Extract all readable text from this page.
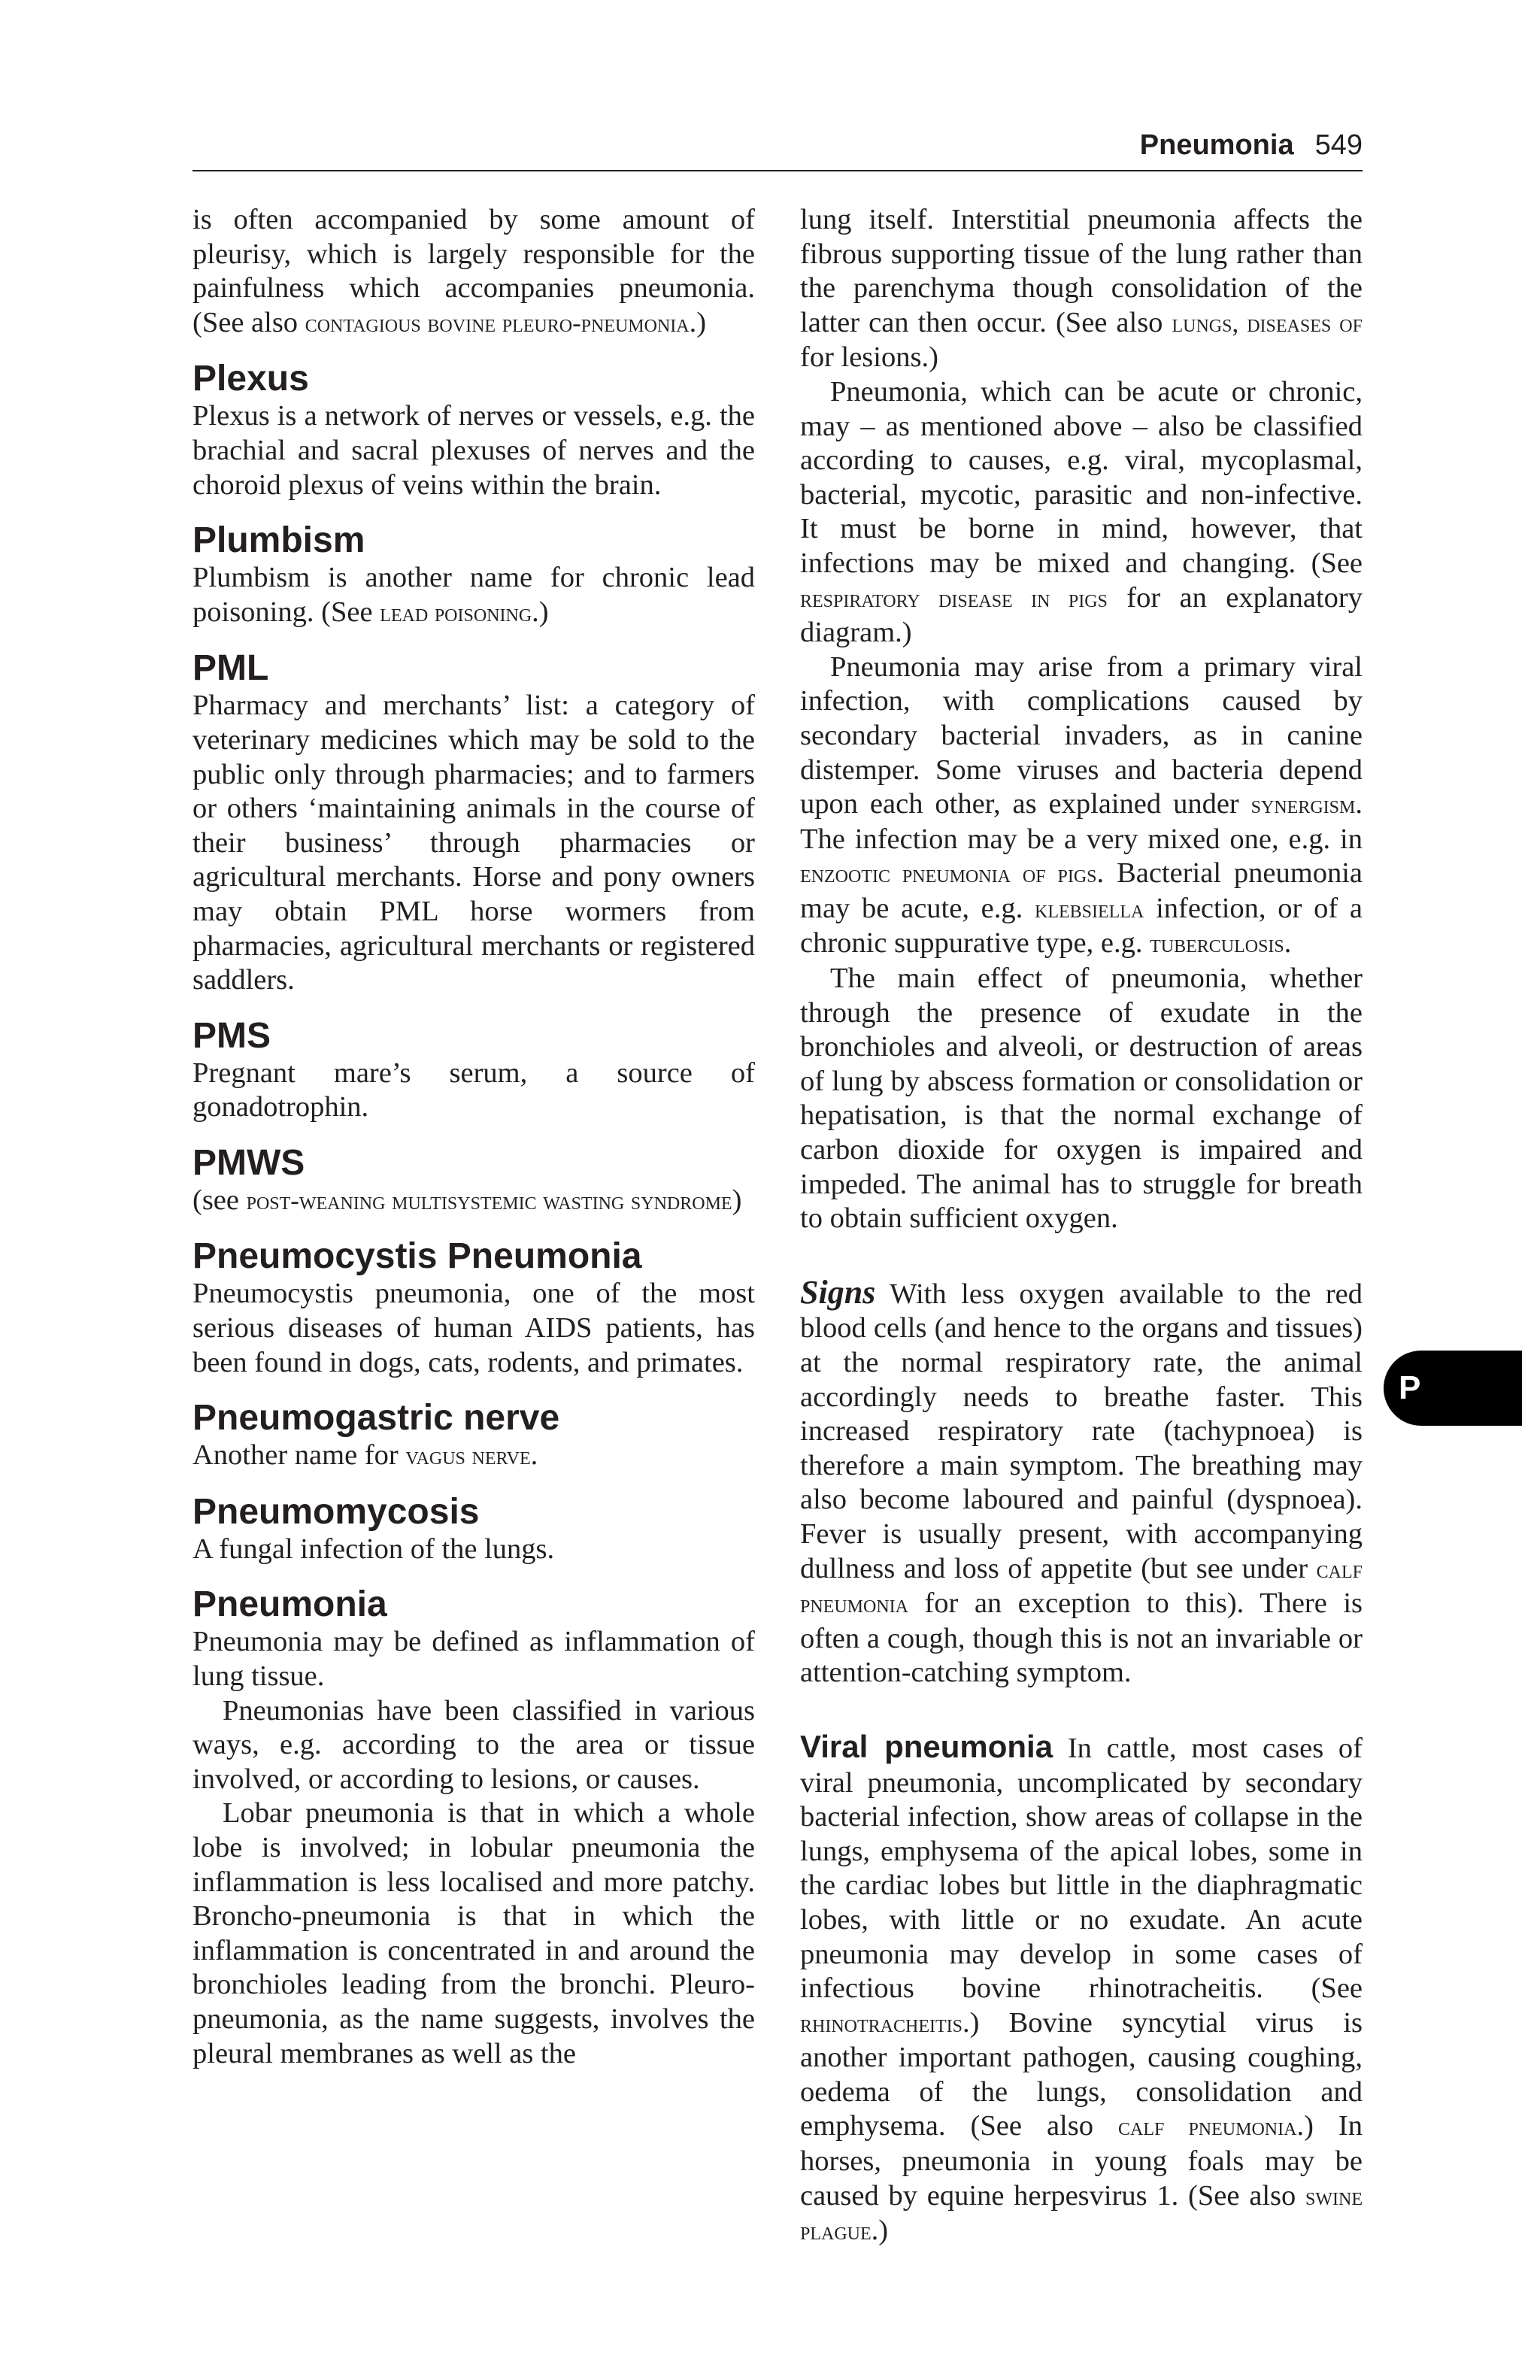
Pneumonia 549
P

is often accompanied by some amount of pleurisy, which is largely responsible for the painfulness which accompanies pneumonia. (See also contagious bovine pleuro-pneumonia.)

Plexus

Plexus is a network of nerves or vessels, e.g. the brachial and sacral plexuses of nerves and the choroid plexus of veins within the brain.

Plumbism

Plumbism is another name for chronic lead poisoning. (See lead poisoning.)

PML

Pharmacy and merchants’ list: a category of veterinary medicines which may be sold to the public only through pharmacies; and to farmers or others ‘maintaining animals in the course of their business’ through pharmacies or agricultural merchants. Horse and pony owners may obtain PML horse wormers from pharmacies, agricultural merchants or registered saddlers.

PMS

Pregnant mare’s serum, a source of gonadotrophin.

PMWS

(see post-weaning multisystemic wasting syndrome)

Pneumocystis Pneumonia

Pneumocystis pneumonia, one of the most serious diseases of human AIDS patients, has been found in dogs, cats, rodents, and primates.

Pneumogastric nerve

Another name for vagus nerve.

Pneumomycosis

A fungal infection of the lungs.

Pneumonia

Pneumonia may be defined as inflammation of lung tissue.

Pneumonias have been classified in various ways, e.g. according to the area or tissue involved, or according to lesions, or causes.

Lobar pneumonia is that in which a whole lobe is involved; in lobular pneumonia the inflammation is less localised and more patchy. Broncho-pneumonia is that in which the inflammation is concentrated in and around the bronchioles leading from the bronchi. Pleuro-pneumonia, as the name suggests, involves the pleural membranes as well as the

lung itself. Interstitial pneumonia affects the fibrous supporting tissue of the lung rather than the parenchyma though consolidation of the latter can then occur. (See also lungs, diseases of for lesions.)

Pneumonia, which can be acute or chronic, may – as mentioned above – also be classified according to causes, e.g. viral, mycoplasmal, bacterial, mycotic, parasitic and non-infective. It must be borne in mind, however, that infections may be mixed and changing. (See respiratory disease in pigs for an explanatory diagram.)

Pneumonia may arise from a primary viral infection, with complications caused by secondary bacterial invaders, as in canine distemper. Some viruses and bacteria depend upon each other, as explained under synergism. The infection may be a very mixed one, e.g. in enzootic pneumonia of pigs. Bacterial pneumonia may be acute, e.g. klebsiella infection, or of a chronic suppurative type, e.g. tuberculosis.

The main effect of pneumonia, whether through the presence of exudate in the bronchioles and alveoli, or destruction of areas of lung by abscess formation or consolidation or hepatisation, is that the normal exchange of carbon dioxide for oxygen is impaired and impeded. The animal has to struggle for breath to obtain sufficient oxygen.

Signs With less oxygen available to the red blood cells (and hence to the organs and tissues) at the normal respiratory rate, the animal accordingly needs to breathe faster. This increased respiratory rate (tachypnoea) is therefore a main symptom. The breathing may also become laboured and painful (dyspnoea). Fever is usually present, with accompanying dullness and loss of appetite (but see under calf pneumonia for an exception to this). There is often a cough, though this is not an invariable or attention-catching symptom.

Viral pneumonia In cattle, most cases of viral pneumonia, uncomplicated by secondary bacterial infection, show areas of collapse in the lungs, emphysema of the apical lobes, some in the cardiac lobes but little in the diaphragmatic lobes, with little or no exudate. An acute pneumonia may develop in some cases of infectious bovine rhinotracheitis. (See rhinotracheitis.) Bovine syncytial virus is another important pathogen, causing coughing, oedema of the lungs, consolidation and emphysema. (See also calf pneumonia.) In horses, pneumonia in young foals may be caused by equine herpesvirus 1. (See also swine plague.)
